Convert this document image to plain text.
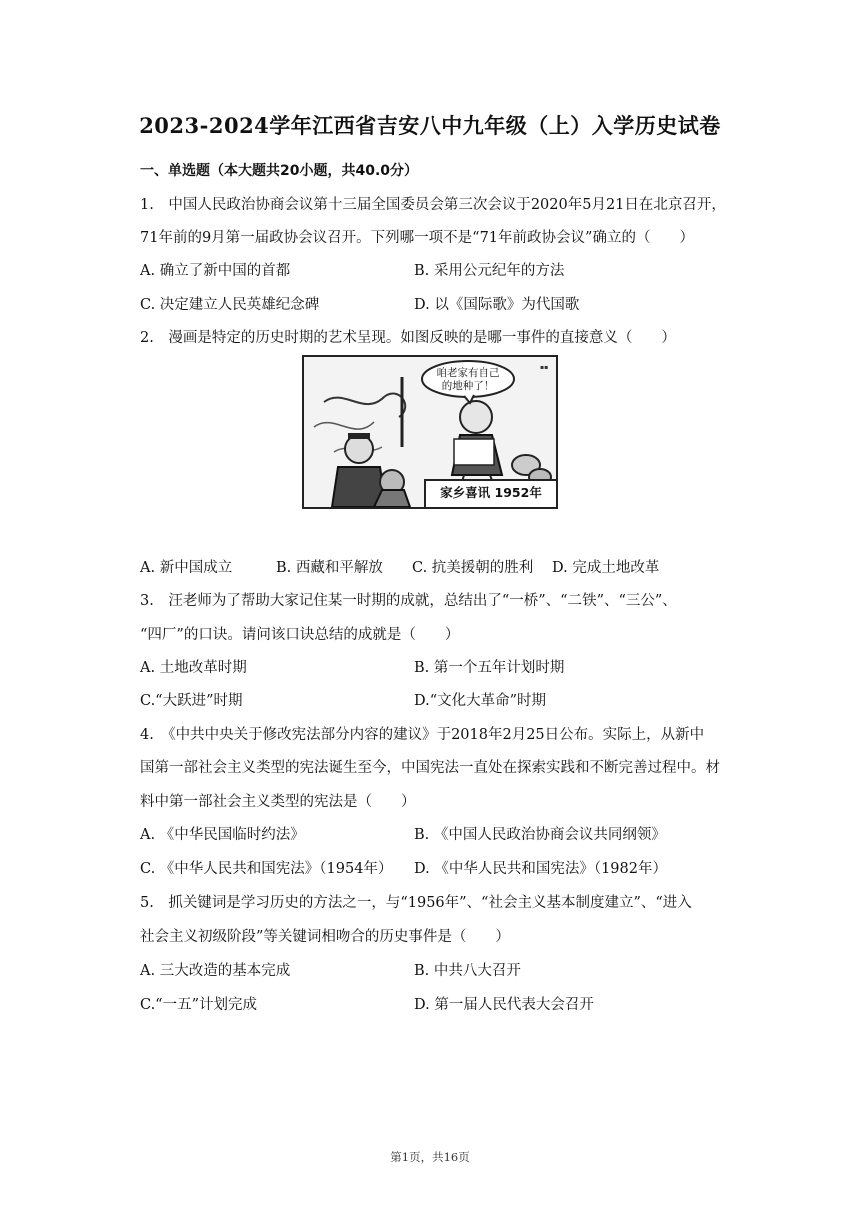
2023-2024学年江西省吉安八中九年级（上）入学历史试卷
一、单选题（本大题共20小题，共40.0分）
1.　中国人民政治协商会议第十三届全国委员会第三次会议于2020年5月21日在北京召开，
71年前的9月第一届政协会议召开。下列哪一项不是“71年前政协会议”确立的（　　）
A. 确立了新中国的首都	B. 采用公元纪年的方法
C. 决定建立人民英雄纪念碑	D. 以《国际歌》为代国歌
2.　漫画是特定的历史时期的艺术呈现。如图反映的是哪一事件的直接意义（　　）
▪▪
咱老家有自己
的地种了！
家乡喜讯 1952年
A. 新中国成立	B. 西藏和平解放 C. 抗美援朝的胜利 D. 完成土地改革
3.　汪老师为了帮助大家记住某一时期的成就，总结出了“一桥”、“二铁”、“三公”、
“四厂”的口诀。请问该口诀总结的成就是（　　）
A. 土地改革时期	B. 第一个五年计划时期
C.“大跃进”时期	D.“文化大革命”时期
4.　《中共中央关于修改宪法部分内容的建议》于2018年2月25日公布。实际上，从新中
国第一部社会主义类型的宪法诞生至今，中国宪法一直处在探索实践和不断完善过程中。材
料中第一部社会主义类型的宪法是（　　）
A. 《中华民国临时约法》	B. 《中国人民政治协商会议共同纲领》
C. 《中华人民共和国宪法》（1954年） D. 《中华人民共和国宪法》（1982年）
5.　抓关键词是学习历史的方法之一，与“1956年”、“社会主义基本制度建立”、“进入
社会主义初级阶段”等关键词相吻合的历史事件是（　　）
A. 三大改造的基本完成	B. 中共八大召开
C.“一五”计划完成	D. 第一届人民代表大会召开
第1页，共16页
